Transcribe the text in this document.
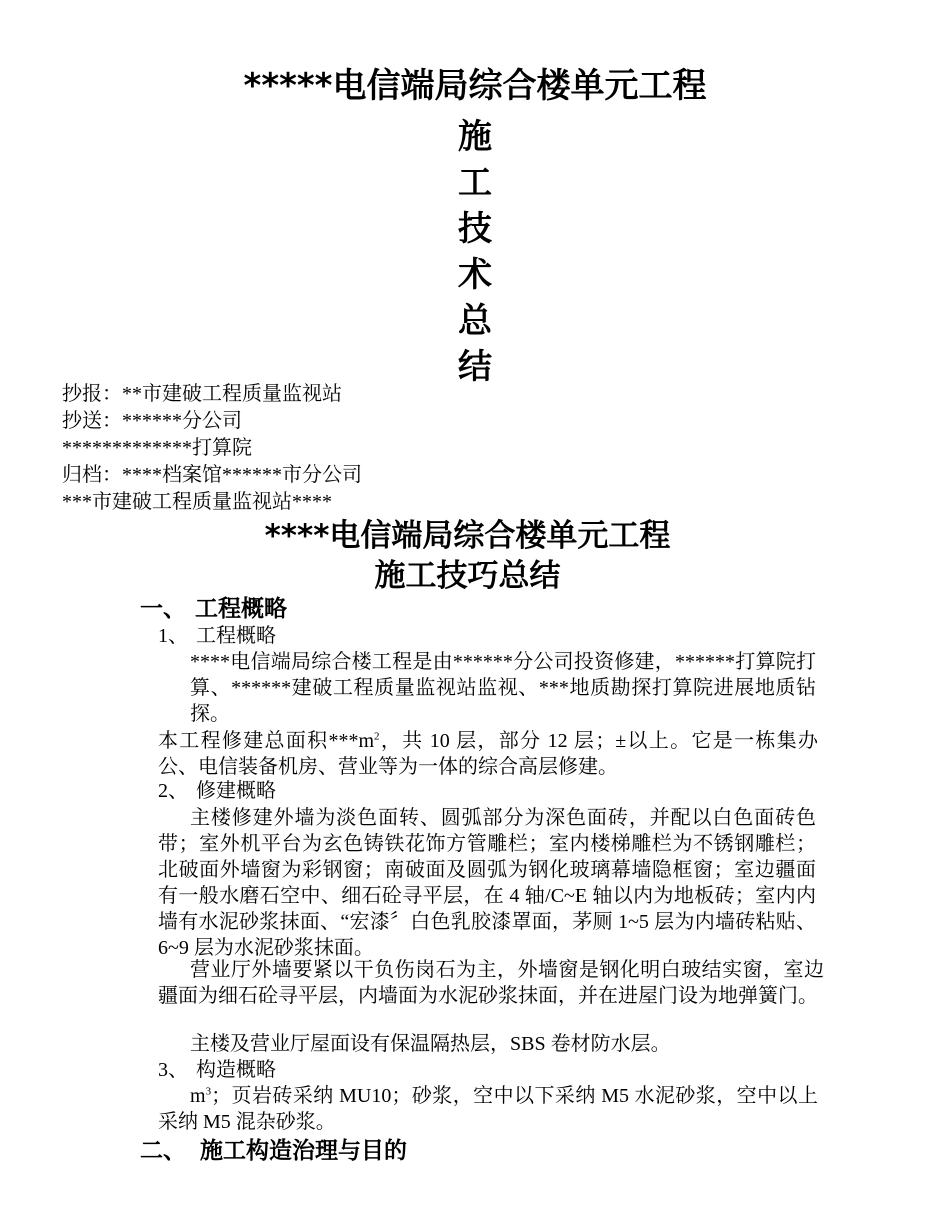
*****电信端局综合楼单元工程
施
工
技
术
总
结
抄报：**市建破工程质量监视站
抄送：******分公司
*************打算院
归档：****档案馆******市分公司
***市建破工程质量监视站****
****电信端局综合楼单元工程
施工技巧总结
一、 工程概略
1、 工程概略
****电信端局综合楼工程是由******分公司投资修建，******打算院打算、******建破工程质量监视站监视、***地质勘探打算院进展地质钻探。
本工程修建总面积$***m^2$，共 10 层，部分 12 层；±以上。它是一栋集办公、电信装备机房、营业等为一体的综合高层修建。
2、 修建概略
主楼修建外墙为淡色面转、圆弧部分为深色面砖，并配以白色面砖色带；室外机平台为玄色铸铁花饰方管雕栏；室内楼梯雕栏为不锈钢雕栏；北破面外墙窗为彩钢窗；南破面及圆弧为钢化玻璃幕墙隐框窗；室边疆面有一般水磨石空中、细石砼寻平层，在 4 轴/C~E 轴以内为地板砖；室内内墙有水泥砂浆抹面、“宏漆〞白色乳胶漆罩面，茅厕 1~5 层为内墙砖粘贴、6~9 层为水泥砂浆抹面。
营业厅外墙要紧以干负伤岗石为主，外墙窗是钢化明白玻结实窗，室边疆面为细石砼寻平层，内墙面为水泥砂浆抹面，并在进屋门设为地弹簧门。
主楼及营业厅屋面设有保温隔热层，SBS 卷材防水层。
3、 构造概略
$m^3$；页岩砖采纳 MU10；砂浆，空中以下采纳 M5 水泥砂浆，空中以上采纳 M5 混杂砂浆。
二、 施工构造治理与目的
